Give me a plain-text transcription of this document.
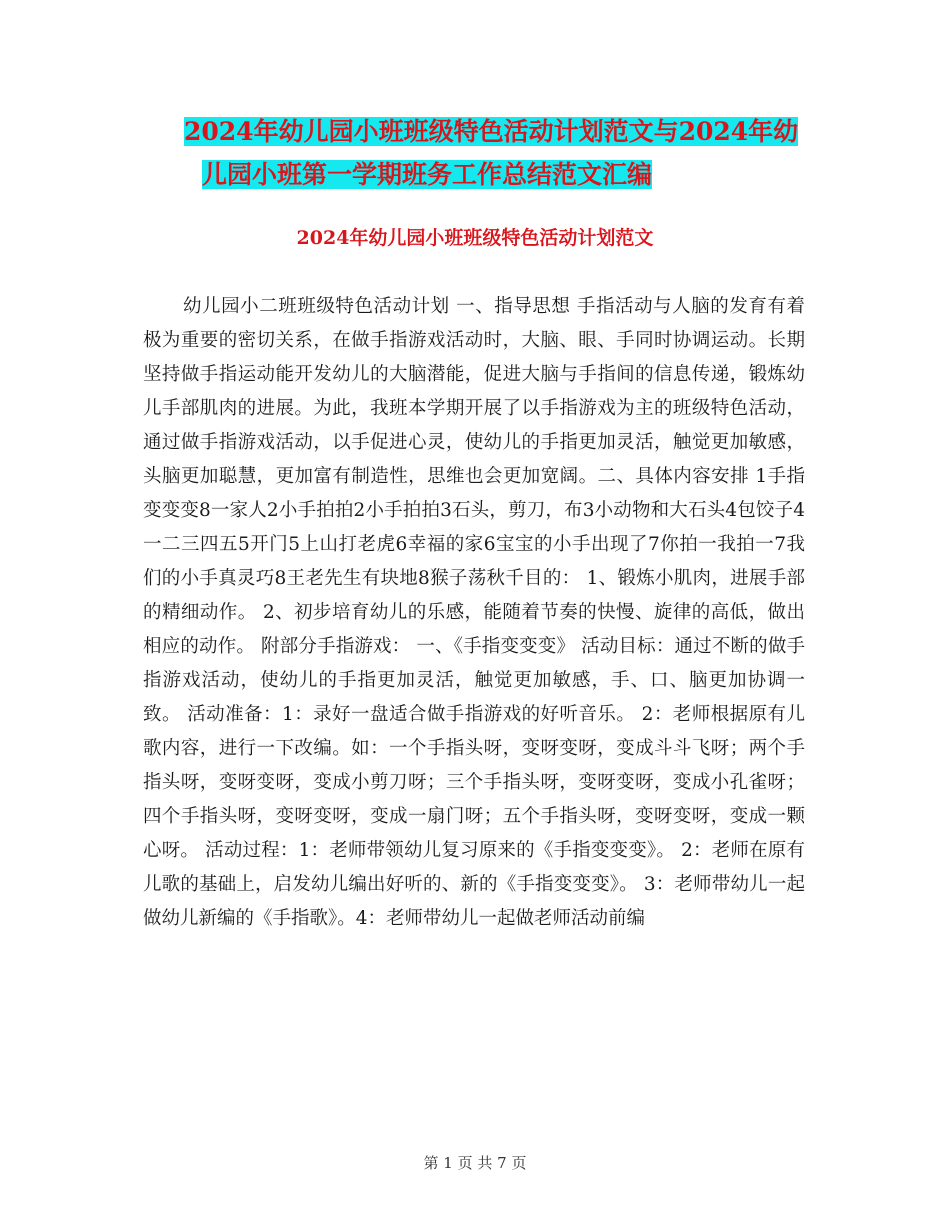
2024年幼儿园小班班级特色活动计划范文与2024年幼
儿园小班第一学期班务工作总结范文汇编
2024年幼儿园小班班级特色活动计划范文

幼儿园小二班班级特色活动计划 一、指导思想 手指活动与人脑的发育有着极为重要的密切关系，在做手指游戏活动时，大脑、眼、手同时协调运动。长期坚持做手指运动能开发幼儿的大脑潜能，促进大脑与手指间的信息传递，锻炼幼儿手部肌肉的进展。为此，我班本学期开展了以手指游戏为主的班级特色活动，通过做手指游戏活动，以手促进心灵，使幼儿的手指更加灵活，触觉更加敏感，头脑更加聪慧，更加富有制造性，思维也会更加宽阔。二、具体内容安排 1手指变变变8一家人2小手拍拍2小手拍拍3石头，剪刀，布3小动物和大石头4包饺子4一二三四五5开门5上山打老虎6幸福的家6宝宝的小手出现了7你拍一我拍一7我们的小手真灵巧8王老先生有块地8猴子荡秋千目的： 1、锻炼小肌肉，进展手部的精细动作。 2、初步培育幼儿的乐感，能随着节奏的快慢、旋律的高低，做出相应的动作。 附部分手指游戏： 一、《手指变变变》 活动目标：通过不断的做手指游戏活动，使幼儿的手指更加灵活，触觉更加敏感，手、口、脑更加协调一致。 活动准备：1：录好一盘适合做手指游戏的好听音乐。 2：老师根据原有儿歌内容，进行一下改编。如：一个手指头呀，变呀变呀，变成斗斗飞呀；两个手指头呀，变呀变呀，变成小剪刀呀；三个手指头呀，变呀变呀，变成小孔雀呀；四个手指头呀，变呀变呀，变成一扇门呀；五个手指头呀，变呀变呀，变成一颗心呀。 活动过程：1：老师带领幼儿复习原来的《手指变变变》。 2：老师在原有儿歌的基础上，启发幼儿编出好听的、新的《手指变变变》。 3：老师带幼儿一起做幼儿新编的《手指歌》。4：老师带幼儿一起做老师活动前编

第 1 页 共 7 页
